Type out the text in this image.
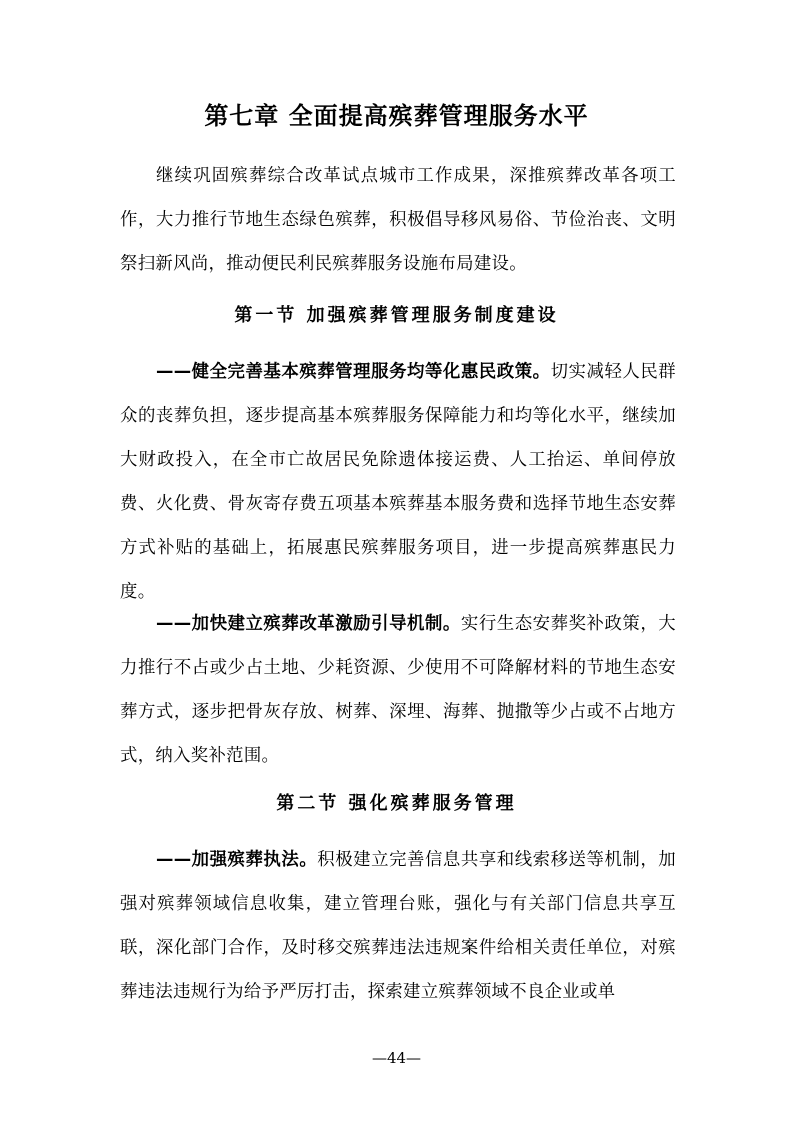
第七章 全面提高殡葬管理服务水平

继续巩固殡葬综合改革试点城市工作成果，深推殡葬改革各项工作，大力推行节地生态绿色殡葬，积极倡导移风易俗、节俭治丧、文明祭扫新风尚，推动便民利民殡葬服务设施布局建设。

第一节 加强殡葬管理服务制度建设

——健全完善基本殡葬管理服务均等化惠民政策。切实减轻人民群众的丧葬负担，逐步提高基本殡葬服务保障能力和均等化水平，继续加大财政投入，在全市亡故居民免除遗体接运费、人工抬运、单间停放费、火化费、骨灰寄存费五项基本殡葬基本服务费和选择节地生态安葬方式补贴的基础上，拓展惠民殡葬服务项目，进一步提高殡葬惠民力度。

——加快建立殡葬改革激励引导机制。实行生态安葬奖补政策，大力推行不占或少占土地、少耗资源、少使用不可降解材料的节地生态安葬方式，逐步把骨灰存放、树葬、深埋、海葬、抛撒等少占或不占地方式，纳入奖补范围。

第二节 强化殡葬服务管理

——加强殡葬执法。积极建立完善信息共享和线索移送等机制，加强对殡葬领域信息收集，建立管理台账，强化与有关部门信息共享互联，深化部门合作，及时移交殡葬违法违规案件给相关责任单位，对殡葬违法违规行为给予严厉打击，探索建立殡葬领域不良企业或单

—44—
